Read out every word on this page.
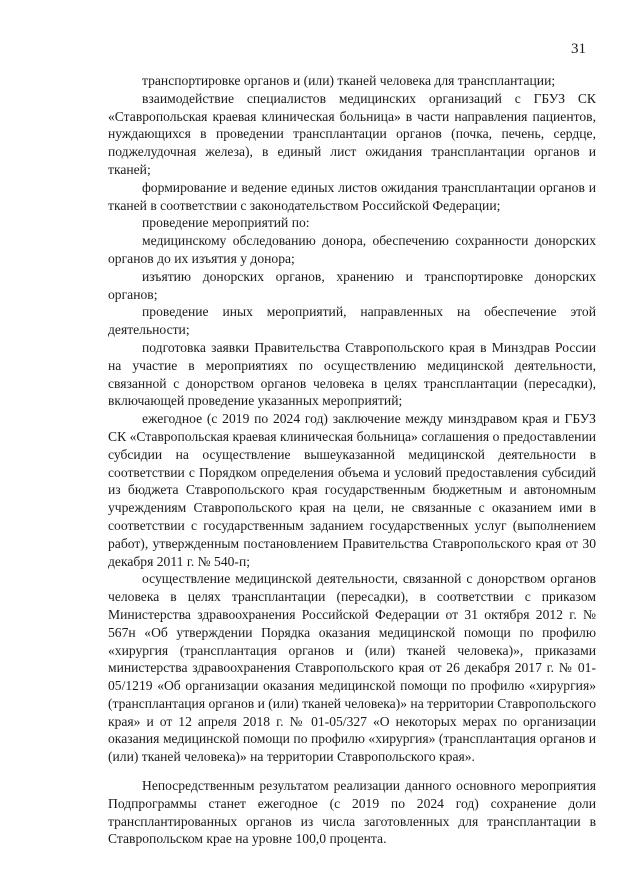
31

транспортировке органов и (или) тканей человека для трансплантации;

взаимодействие специалистов медицинских организаций с ГБУЗ СК «Ставропольская краевая клиническая больница» в части направления пациентов, нуждающихся в проведении трансплантации органов (почка, печень, сердце, поджелудочная железа), в единый лист ожидания трансплантации органов и тканей;

формирование и ведение единых листов ожидания трансплантации органов и тканей в соответствии с законодательством Российской Федерации;

проведение мероприятий по:

медицинскому обследованию донора, обеспечению сохранности донорских органов до их изъятия у донора;

изъятию донорских органов, хранению и транспортировке донорских органов;

проведение иных мероприятий, направленных на обеспечение этой деятельности;

подготовка заявки Правительства Ставропольского края в Минздрав России на участие в мероприятиях по осуществлению медицинской деятельности, связанной с донорством органов человека в целях трансплантации (пересадки), включающей проведение указанных мероприятий;

ежегодное (с 2019 по 2024 год) заключение между минздравом края и ГБУЗ СК «Ставропольская краевая клиническая больница» соглашения о предоставлении субсидии на осуществление вышеуказанной медицинской деятельности в соответствии с Порядком определения объема и условий предоставления субсидий из бюджета Ставропольского края государственным бюджетным и автономным учреждениям Ставропольского края на цели, не связанные с оказанием ими в соответствии с государственным заданием государственных услуг (выполнением работ), утвержденным постановлением Правительства Ставропольского края от 30 декабря 2011 г. № 540-п;

осуществление медицинской деятельности, связанной с донорством органов человека в целях трансплантации (пересадки), в соответствии с приказом Министерства здравоохранения Российской Федерации от 31 октября 2012 г. № 567н «Об утверждении Порядка оказания медицинской помощи по профилю «хирургия (трансплантация органов и (или) тканей человека)», приказами министерства здравоохранения Ставропольского края от 26 декабря 2017 г. № 01-05/1219 «Об организации оказания медицинской помощи по профилю «хирургия» (трансплантация органов и (или) тканей человека)» на территории Ставропольского края» и от 12 апреля 2018 г. № 01-05/327 «О некоторых мерах по организации оказания медицинской помощи по профилю «хирургия» (трансплантация органов и (или) тканей человека)» на территории Ставропольского края».

Непосредственным результатом реализации данного основного мероприятия Подпрограммы станет ежегодное (с 2019 по 2024 год) сохранение доли трансплантированных органов из числа заготовленных для трансплантации в Ставропольском крае на уровне 100,0 процента.
